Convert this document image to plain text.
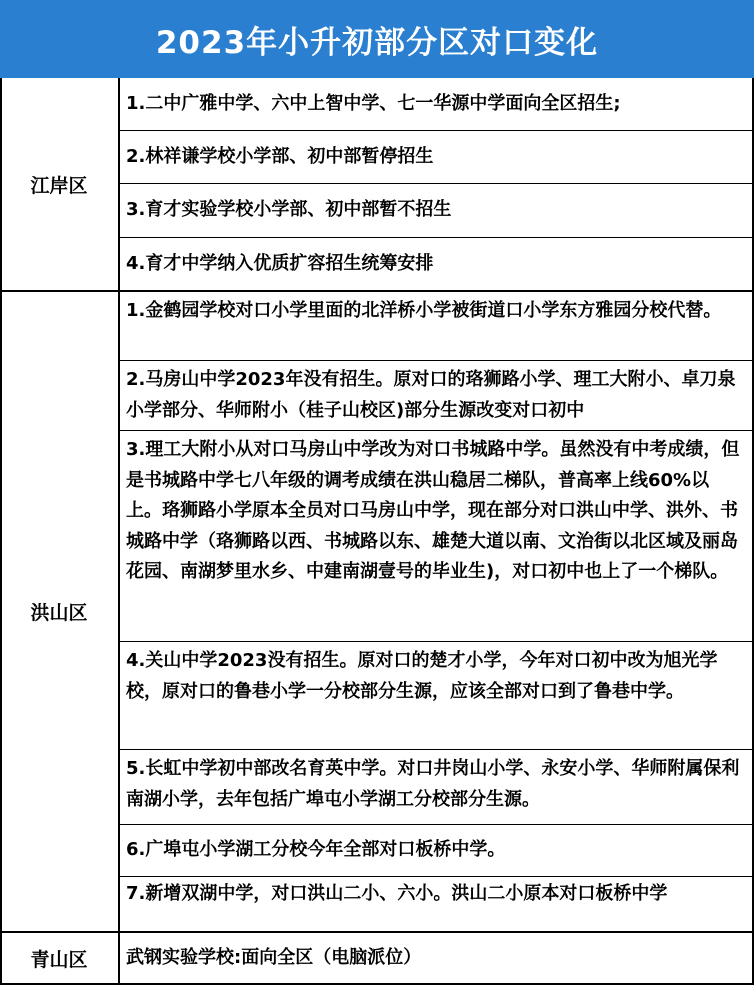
2023年小升初部分区对口变化
江岸区
洪山区
青山区
1.二中广雅中学、六中上智中学、七一华源中学面向全区招生;
2.林祥谦学校小学部、初中部暂停招生
3.育才实验学校小学部、初中部暂不招生
4.育才中学纳入优质扩容招生统筹安排
1.金鹤园学校对口小学里面的北洋桥小学被街道口小学东方雅园分校代替。
2.马房山中学2023年没有招生。原对口的珞狮路小学、理工大附小、卓刀泉小学部分、华师附小（桂子山校区)部分生源改变对口初中
3.理工大附小从对口马房山中学改为对口书城路中学。虽然没有中考成绩，但是书城路中学七八年级的调考成绩在洪山稳居二梯队，普高率上线60%以上。珞狮路小学原本全员对口马房山中学，现在部分对口洪山中学、洪外、书城路中学（珞狮路以西、书城路以东、雄楚大道以南、文治街以北区域及丽岛花园、南湖梦里水乡、中建南湖壹号的毕业生)，对口初中也上了一个梯队。
4.关山中学2023没有招生。原对口的楚才小学，今年对口初中改为旭光学校，原对口的鲁巷小学一分校部分生源，应该全部对口到了鲁巷中学。
5.长虹中学初中部改名育英中学。对口井岗山小学、永安小学、华师附属保利南湖小学，去年包括广埠屯小学湖工分校部分生源。
6.广埠屯小学湖工分校今年全部对口板桥中学。
7.新增双湖中学，对口洪山二小、六小。洪山二小原本对口板桥中学
武钢实验学校:面向全区（电脑派位）
